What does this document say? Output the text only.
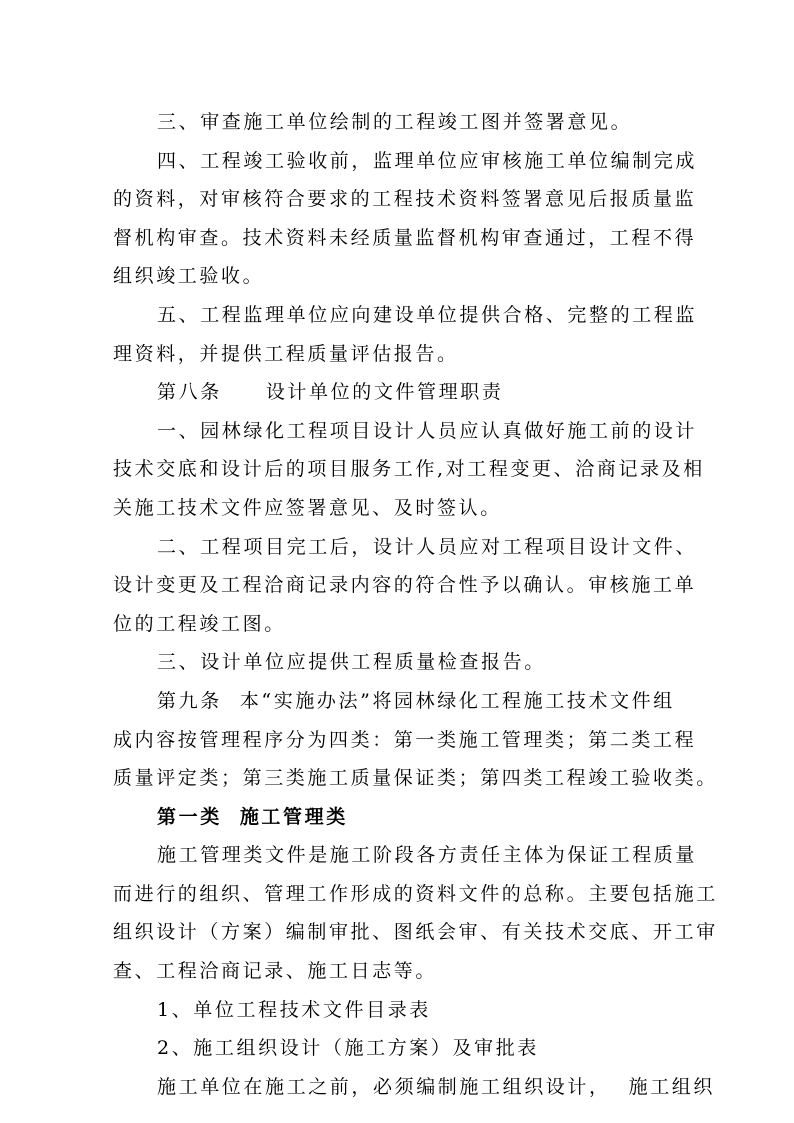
三、审查施工单位绘制的工程竣工图并签署意见。
四、工程竣工验收前，监理单位应审核施工单位编制完成
的资料，对审核符合要求的工程技术资料签署意见后报质量监
督机构审查。技术资料未经质量监督机构审查通过，工程不得
组织竣工验收。
五、工程监理单位应向建设单位提供合格、完整的工程监
理资料，并提供工程质量评估报告。
第八条 设计单位的文件管理职责
一、园林绿化工程项目设计人员应认真做好施工前的设计
技术交底和设计后的项目服务工作,对工程变更、洽商记录及相
关施工技术文件应签署意见、及时签认。
二、工程项目完工后，设计人员应对工程项目设计文件、
设计变更及工程洽商记录内容的符合性予以确认。审核施工单
位的工程竣工图。
三、设计单位应提供工程质量检查报告。
第九条 本“实施办法”将园林绿化工程施工技术文件组
成内容按管理程序分为四类：第一类施工管理类；第二类工程
质量评定类；第三类施工质量保证类；第四类工程竣工验收类。
第一类 施工管理类
施工管理类文件是施工阶段各方责任主体为保证工程质量
而进行的组织、管理工作形成的资料文件的总称。主要包括施工
组织设计（方案）编制审批、图纸会审、有关技术交底、开工审
查、工程洽商记录、施工日志等。
1、单位工程技术文件目录表
2、施工组织设计（施工方案）及审批表
施工单位在施工之前，必须编制施工组织设计， 施工组织
